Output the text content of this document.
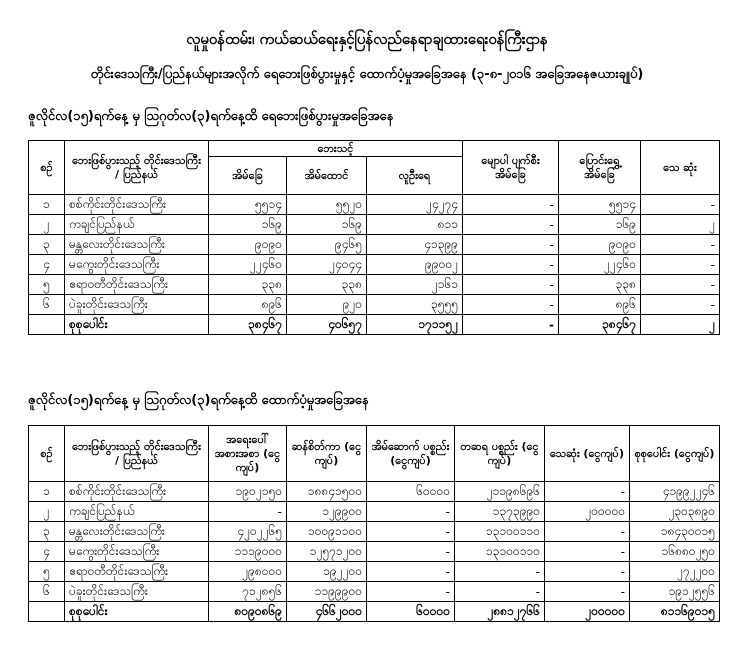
လူမှုဝန်ထမ်း၊ ကယ်ဆယ်ရေးနှင့်ပြန်လည်နေရာချထားရေးဝန်ကြီးဌာန
တိုင်းဒေသကြီး/ပြည်နယ်များအလိုက် ရေဘေးဖြစ်ပွားမှုနှင့် ထောက်ပံ့မှုအခြေအနေ (၃-၈-၂၀၁၆ အခြေအနေဇယားချုပ်)
ဇူလိုင်လ(၁၅)ရက်နေ့ မှ ဩဂုတ်လ(၃)ရက်နေ့ထိ ရေဘေးဖြစ်ပွားမှုအခြေအနေ
စဉ်	ဘေးဖြစ်ပွားသည့် တိုင်းဒေသကြီး / ပြည်နယ်	ဘေးသင့်			မျောပါ ပျက်စီး အိမ်ခြေ	ပြောင်းရွှေ့ အိမ်ခြေ	သေ ဆုံး
		အိမ်ခြေ	အိမ်ထောင်	လူဦးရေ			
၁	စစ်ကိုင်းတိုင်းဒေသကြီး	၅၅၁၄	၅၅၂၀	၂၄၂၇၄	-	၅၅၁၄	-
၂	ကချင်ပြည်နယ်	၁၆၉	၁၆၉	၈၁၁	-	၁၆၉	၂
၃	မန္တလေးတိုင်းဒေသကြီး	၉၀၉၀	၉၄၆၅	၄၁၃၉၉	-	၉၀၉၀	-
၄	မကွေးတိုင်းဒေသကြီး	၂၂၄၆၀	၂၄၀၄၄	၉၉၀၀၂	-	၂၂၄၆၀	-
၅	ဧရာဝတီတိုင်းဒေသကြီး	၃၃၈	၃၃၈	၂၁၆၁	-	၃၃၈	-
၆	ပဲခူးတိုင်းဒေသကြီး	၈၉၆	၉၂၀	၃၅၅၅	-	၈၉၆	-
	စုစုပေါင်း	၃၈၄၆၇	၄၀၆၅၇	၁၇၁၁၅၂	-	၃၈၄၆၇	၂
ဇူလိုင်လ(၁၅)ရက်နေ့ မှ ဩဂုတ်လ(၃)ရက်နေ့ထိ ထောက်ပံ့မှုအခြေအနေ
စဉ်	ဘေးဖြစ်ပွားသည့် တိုင်းဒေသကြီး / ပြည်နယ်	အရေးပေါ် အစားအစာ (ငွေကျပ်)	ဆန်စိတ်ကာ (ငွေကျပ်)	အိမ်ဆောက် ပစ္စည်း (ငွေကျပ်)	တဆရ ပစ္စည်း (ငွေကျပ်)	သေဆုံး (ငွေကျပ်)	စုစုပေါင်း (ငွေကျပ်)
၁	စစ်ကိုင်းတိုင်းဒေသကြီး	၁၉၀၂၁၅၀	၁၈၈၄၁၅၀၀	၆၀၀၀၀	၂၁၁၉၈၆၉၆	-	၄၁၉၉၂၂၄၆
၂	ကချင်ပြည်နယ်	-	၁၂၉၉၀၀	-	၁၃၇၃၉၉၀	၂၀၀၀၀၀	၂၃၀၃၈၉၀
၃	မန္တလေးတိုင်းဒေသကြီး	၄၂၀၂၂၆၅	၁၀၀၉၁၁၀၀	-	၁၃၁၀၀၁၁၀	-	၁၈၄၃၀၀၁၅
၄	မကွေးတိုင်းဒေသကြီး	၁၁၁၉၀၀၀	၁၂၅၇၁၂၀၀	-	၁၃၁၀၀၁၁၀	-	၁၆၈၈၀၂၅၀
၅	ဧရာဝတီတိုင်းဒေသကြီး	၂၉၈၀၀၀	၁၉၂၂၀၀	-	-	-	၂၇၂၂၀၀
၆	ပဲခူးတိုင်းဒေသကြီး	၇၁၂၈၅၆	၁၁၉၉၉၀၀	-	-	-	၁၉၁၂၅၅၆
	စုစုပေါင်း	၈၀၉၀၈၆၉	၄၆၆၂၀၀၀	၆၀၀၀၀	၂၈၈၁၂၇၆၆	၂၀၀၀၀၀	၈၁၁၆၉၀၁၅
